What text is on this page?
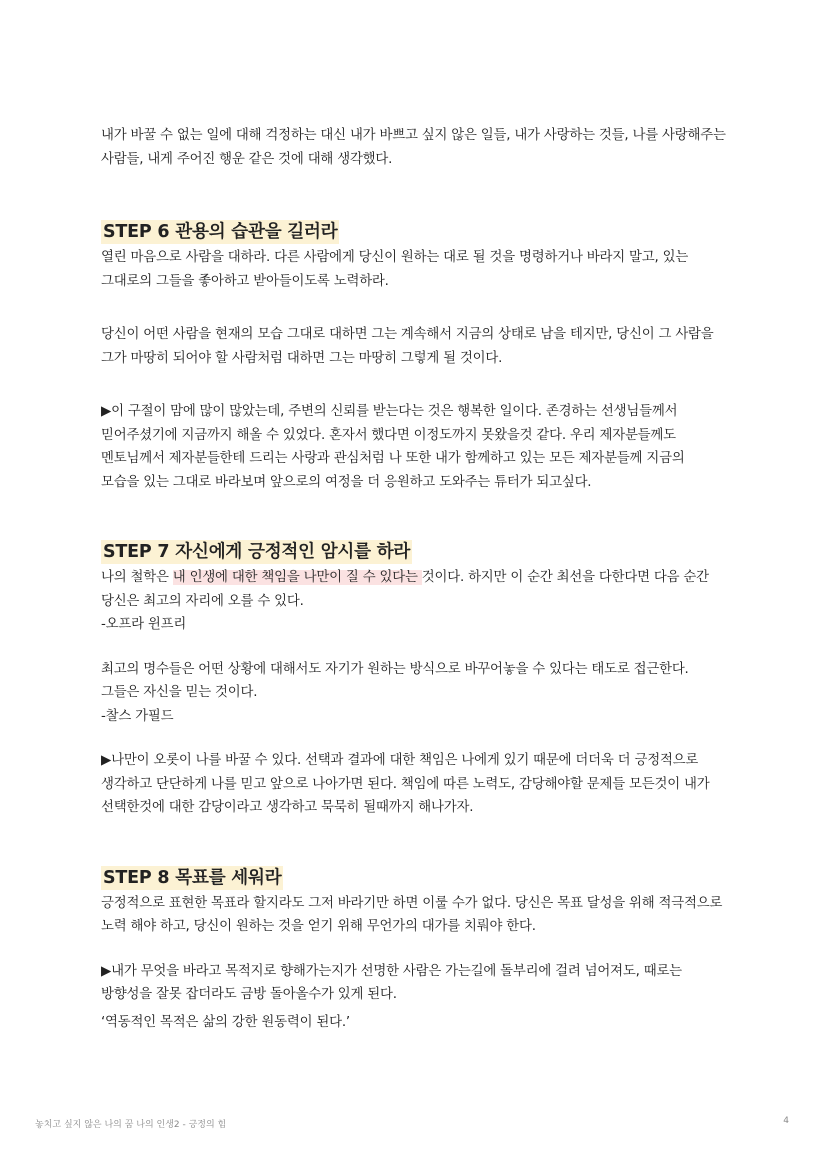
내가 바꿀 수 없는 일에 대해 걱정하는 대신 내가 바쁘고 싶지 않은 일들, 내가 사랑하는 것들, 나를 사랑해주는 사람들, 내게 주어진 행운 같은 것에 대해 생각했다.

STEP 6 관용의 습관을 길러라

열린 마음으로 사람을 대하라. 다른 사람에게 당신이 원하는 대로 될 것을 명령하거나 바라지 말고, 있는 그대로의 그들을 좋아하고 받아들이도록 노력하라.

당신이 어떤 사람을 현재의 모습 그대로 대하면 그는 계속해서 지금의 상태로 남을 테지만, 당신이 그 사람을 그가 마땅히 되어야 할 사람처럼 대하면 그는 마땅히 그렇게 될 것이다.

▶이 구절이 맘에 많이 많았는데, 주변의 신뢰를 받는다는 것은 행복한 일이다. 존경하는 선생님들께서 믿어주셨기에 지금까지 해올 수 있었다. 혼자서 했다면 이정도까지 못왔을것 같다. 우리 제자분들께도 멘토님께서 제자분들한테 드리는 사랑과 관심처럼 나 또한 내가 함께하고 있는 모든 제자분들께 지금의 모습을 있는 그대로 바라보며 앞으로의 여정을 더 응원하고 도와주는 튜터가 되고싶다.

STEP 7 자신에게 긍정적인 암시를 하라

나의 철학은 내 인생에 대한 책임을 나만이 질 수 있다는 것이다. 하지만 이 순간 최선을 다한다면 다음 순간 당신은 최고의 자리에 오를 수 있다.

-오프라 윈프리

최고의 명수들은 어떤 상황에 대해서도 자기가 원하는 방식으로 바꾸어놓을 수 있다는 태도로 접근한다. 그들은 자신을 믿는 것이다.

-찰스 가필드

▶나만이 오롯이 나를 바꿀 수 있다. 선택과 결과에 대한 책임은 나에게 있기 때문에 더더욱 더 긍정적으로 생각하고 단단하게 나를 믿고 앞으로 나아가면 된다. 책임에 따른 노력도, 감당해야할 문제들 모든것이 내가 선택한것에 대한 감당이라고 생각하고 묵묵히 될때까지 해나가자.

STEP 8 목표를 세워라

긍정적으로 표현한 목표라 할지라도 그저 바라기만 하면 이룰 수가 없다. 당신은 목표 달성을 위해 적극적으로 노력 해야 하고, 당신이 원하는 것을 얻기 위해 무언가의 대가를 치뤄야 한다.

▶내가 무엇을 바라고 목적지로 향해가는지가 선명한 사람은 가는길에 돌부리에 걸려 넘어져도, 때로는 방향성을 잘못 잡더라도 금방 돌아올수가 있게 된다.

‘역동적인 목적은 삶의 강한 원동력이 된다.’

놓치고 싶지 않은 나의 꿈 나의 인생2 - 긍정의 힘	4
